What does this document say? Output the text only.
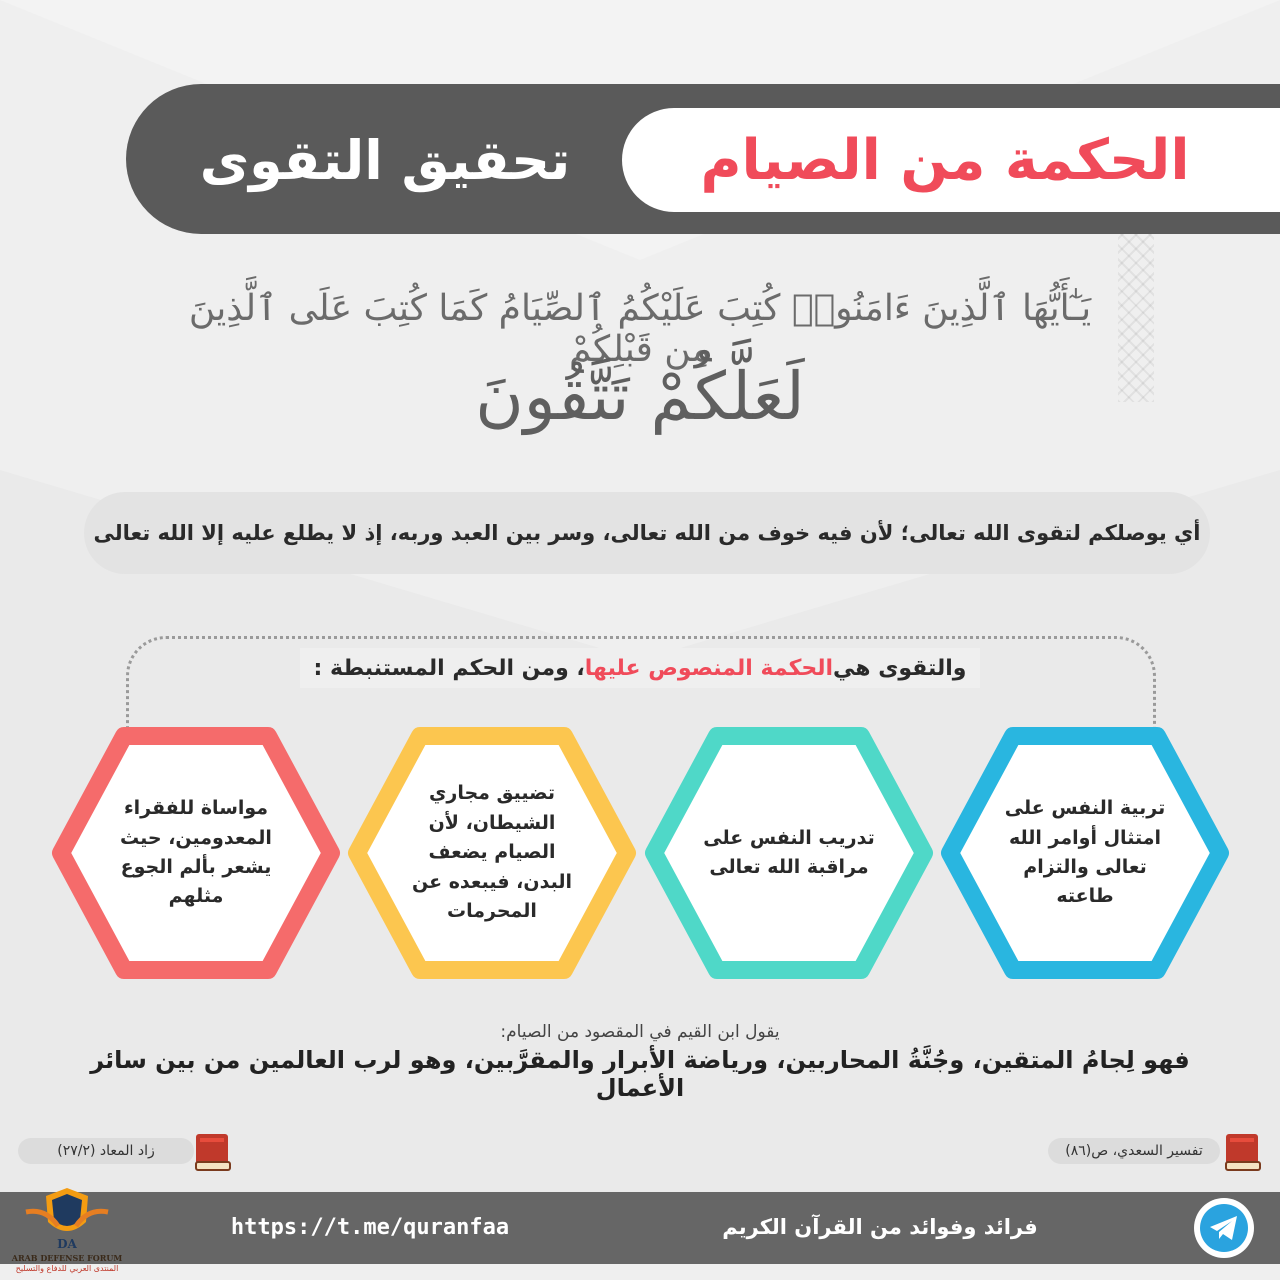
الحكمة من الصيام
تحقيق التقوى
يَـٰٓأَيُّهَا ٱلَّذِينَ ءَامَنُوا۟ كُتِبَ عَلَيْكُمُ ٱلصِّيَامُ كَمَا كُتِبَ عَلَى ٱلَّذِينَ مِن قَبْلِكُمْ
لَعَلَّكُمْ تَتَّقُونَ
أي يوصلكم لتقوى الله تعالى؛ لأن فيه خوف من الله تعالى، وسر بين العبد وربه، إذ لا يطلع عليه إلا الله تعالى
والتقوى هي
الحكمة المنصوص عليها
، ومن الحكم المستنبطة :
تربية النفس على امتثال أوامر الله تعالى والتزام طاعته
تدريب النفس على مراقبة الله تعالى
تضييق مجاري الشيطان، لأن الصيام يضعف البدن، فيبعده عن المحرمات
مواساة للفقراء المعدومين، حيث يشعر بألم الجوع مثلهم
يقول ابن القيم في المقصود من الصيام:
فهو لِجامُ المتقين، وجُنَّةُ المحاربين، ورياضة الأبرار والمقرَّبين، وهو لرب العالمين من بين سائر الأعمال
تفسير السعدي، ص(٨٦)
زاد المعاد (٢٧/٢)
https://t.me/quranfaa	فرائد وفوائد من القرآن الكريم
DA
ARAB DEFENSE FORUM
المنتدى العربي للدفاع والتسليح
